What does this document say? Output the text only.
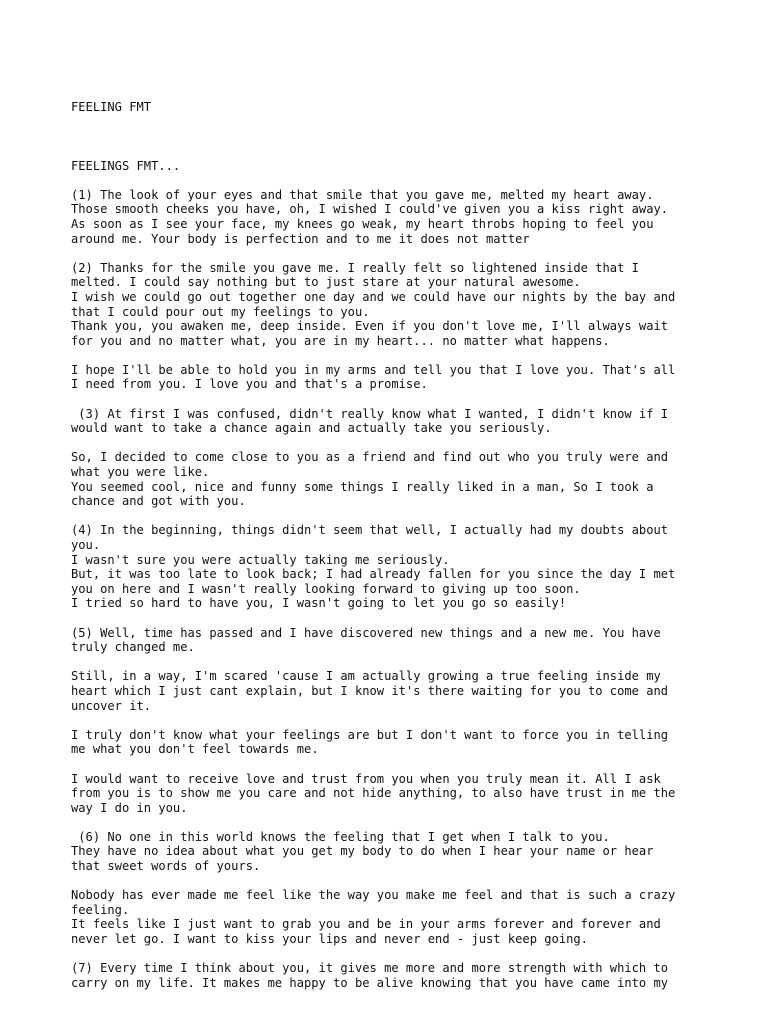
FEELING FMT

FEELINGS FMT...
(1) The look of your eyes and that smile that you gave me, melted my heart away.
Those smooth cheeks you have, oh, I wished I could've given you a kiss right away.
As soon as I see your face, my knees go weak, my heart throbs hoping to feel you
around me. Your body is perfection and to me it does not matter
(2) Thanks for the smile you gave me. I really felt so lightened inside that I
melted. I could say nothing but to just stare at your natural awesome.
I wish we could go out together one day and we could have our nights by the bay and
that I could pour out my feelings to you.
Thank you, you awaken me, deep inside. Even if you don't love me, I'll always wait
for you and no matter what, you are in my heart... no matter what happens.
I hope I'll be able to hold you in my arms and tell you that I love you. That's all
I need from you. I love you and that's a promise.
(3) At first I was confused, didn't really know what I wanted, I didn't know if I
would want to take a chance again and actually take you seriously.
So, I decided to come close to you as a friend and find out who you truly were and
what you were like.
You seemed cool, nice and funny some things I really liked in a man, So I took a
chance and got with you.
(4) In the beginning, things didn't seem that well, I actually had my doubts about
you.
I wasn't sure you were actually taking me seriously.
But, it was too late to look back; I had already fallen for you since the day I met
you on here and I wasn't really looking forward to giving up too soon.
I tried so hard to have you, I wasn't going to let you go so easily!
(5) Well, time has passed and I have discovered new things and a new me. You have
truly changed me.
Still, in a way, I'm scared 'cause I am actually growing a true feeling inside my
heart which I just cant explain, but I know it's there waiting for you to come and
uncover it.
I truly don't know what your feelings are but I don't want to force you in telling
me what you don't feel towards me.
I would want to receive love and trust from you when you truly mean it. All I ask
from you is to show me you care and not hide anything, to also have trust in me the
way I do in you.
(6) No one in this world knows the feeling that I get when I talk to you.
They have no idea about what you get my body to do when I hear your name or hear
that sweet words of yours.
Nobody has ever made me feel like the way you make me feel and that is such a crazy
feeling.
It feels like I just want to grab you and be in your arms forever and forever and
never let go. I want to kiss your lips and never end - just keep going.
(7) Every time I think about you, it gives me more and more strength with which to
carry on my life. It makes me happy to be alive knowing that you have came into my
